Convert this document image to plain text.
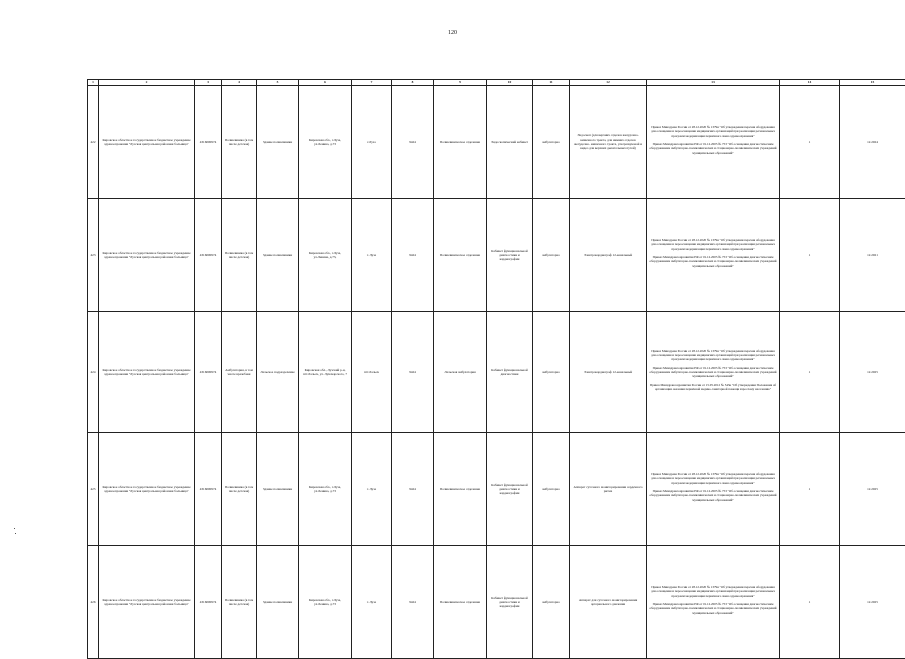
120
1	2	3	4	5	6	7	8	9	10	11	12	13	14	15
422	Кировское областное государственное бюджетное учреждение здравоохранения "Лузская центральная районная больница"	4316000974	Поликлиника (в том числе детская)	Здание поликлиники	Кировская обл., г.Луза, ул.Ленина, д.73	г.Луза	9424	Поликлиническое отделение	Эндоскопический кабинет	амбулаторно	Эндоскоп (для верхних отделов желудочно- кишечного тракта, для нижних отделов желудочно- кишечного тракта, ультразвуковой и видео для верхних дыхательных путей)	Приказ Минздрава России от 28.12.2020 № 1379н "Об утверждении перечня оборудования для оснащения и переоснащения медицинских организаций при реализации региональных программ модернизации первичного звена здравоохранения"
Приказ Минздравсоцразвития РФ от 01.12.2005 № 753 "Об оснащении диагностическим оборудованием амбулаторно-поликлинических и стационарно-поликлинических учреждений муниципальных образований"	1	12.2024
423	Кировское областное государственное бюджетное учреждение здравоохранения "Лузская центральная районная больница"	4316000974	Поликлиника (в том числе детская)	Здание поликлиники	Кировская обл., г.Луза, ул.Ленина, д.73,	г. Луза	9424	Поликлиническое отделение	Кабинет функциональной диагностики и кардиографии	амбулаторно	Электрокардиограф 12-канальный	Приказ Минздрава России от 28.12.2020 № 1379н "Об утверждении перечня оборудования для оснащения и переоснащения медицинских организаций при реализации региональных программ модернизации первичного звена здравоохранения"
Приказ Минздравсоцразвития РФ от 01.12.2005 № 753 "Об оснащении диагностическим оборудованием амбулаторно-поликлинических и стационарно-поликлинических учреждений муниципальных образований"	1	12.2021
424	Кировское областное государственное бюджетное учреждение здравоохранения "Лузская центральная районная больница"	4316000974	Амбулатория, в том числе врачебная	Лальское подразделение	Кировская обл., Лузский р-н, пгт.Лальск, ул. Луначарского, 7	пгт.Лальск	9424	Лальская амбулатория	Кабинет функциональной диагностики	амбулаторно	Электрокардиограф 12-канальный	Приказ Минздрава России от 28.12.2020 № 1379н "Об утверждении перечня оборудования для оснащения и переоснащения медицинских организаций при реализации региональных программ модернизации первичного звена здравоохранения"
Приказ Минздравсоцразвития РФ от 01.12.2005 № 753 "Об оснащении диагностическим оборудованием амбулаторно-поликлинических и стационарно-поликлинических учреждений муниципальных образований"
Приказ Минздравсоцразвития России от 15.05.2012 № 543н "Об утверждении Положения об организации оказания первичной медико-санитарной помощи взрослому населению"	1	12.2025
425	Кировское областное государственное бюджетное учреждение здравоохранения "Лузская центральная районная больница"	4316000974	Поликлиника (в том числе детская)	Здание поликлиники	Кировская обл., г.Луза, ул.Ленина, д.73	г. Луза	9424	Поликлиническое отделение	Кабинет функциональной диагностики и кардиографии	амбулаторно	Аппарат суточного мониторирования сердечного ритма	Приказ Минздрава России от 28.12.2020 № 1379н "Об утверждении перечня оборудования для оснащения и переоснащения медицинских организаций при реализации региональных программ модернизации первичного звена здравоохранения"
Приказ Минздравсоцразвития РФ от 01.12.2005 № 753 "Об оснащении диагностическим оборудованием амбулаторно-поликлинических и стационарно-поликлинических учреждений муниципальных образований"	1	12.2025
426	Кировское областное государственное бюджетное учреждение здравоохранения "Лузская центральная районная больница"	4316000974	Поликлиника (в том числе детская)	Здание поликлиники	Кировская обл., г.Луза, ул.Ленина, д.73	г. Луза	9424	Поликлиническое отделение	Кабинет функциональной диагностики и кардиографии	амбулаторно	Аппарат для суточного мониторирования артериального давления	Приказ Минздрава России от 28.12.2020 № 1379н "Об утверждении перечня оборудования для оснащения и переоснащения медицинских организаций при реализации региональных программ модернизации первичного звена здравоохранения"
Приказ Минздравсоцразвития РФ от 01.12.2005 № 753 "Об оснащении диагностическим оборудованием амбулаторно-поликлинических и стационарно-поликлинических учреждений муниципальных образований"	1	12.2025
